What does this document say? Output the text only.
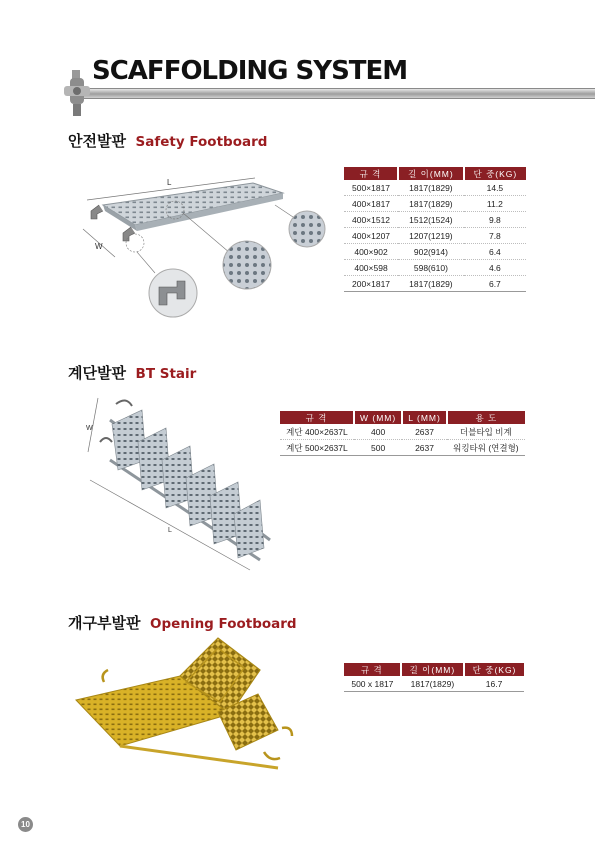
SCAFFOLDING SYSTEM
안전발판 Safety Footboard
L
W
규 격	길 이(MM)	단 중(KG)
500×1817	1817(1829)	14.5
400×1817	1817(1829)	11.2
400×1512	1512(1524)	9.8
400×1207	1207(1219)	7.8
400×902	902(914)	6.4
400×598	598(610)	4.6
200×1817	1817(1829)	6.7
계단발판 BT Stair
W
L
규 격	W (MM)	L (MM)	용 도
계단 400×2637L	400	2637	더블타입 비계
계단 500×2637L	500	2637	워킹타워 (연결형)
개구부발판 Opening Footboard
규 격	길 이(MM)	단 중(KG)
500 x 1817	1817(1829)	16.7
10
